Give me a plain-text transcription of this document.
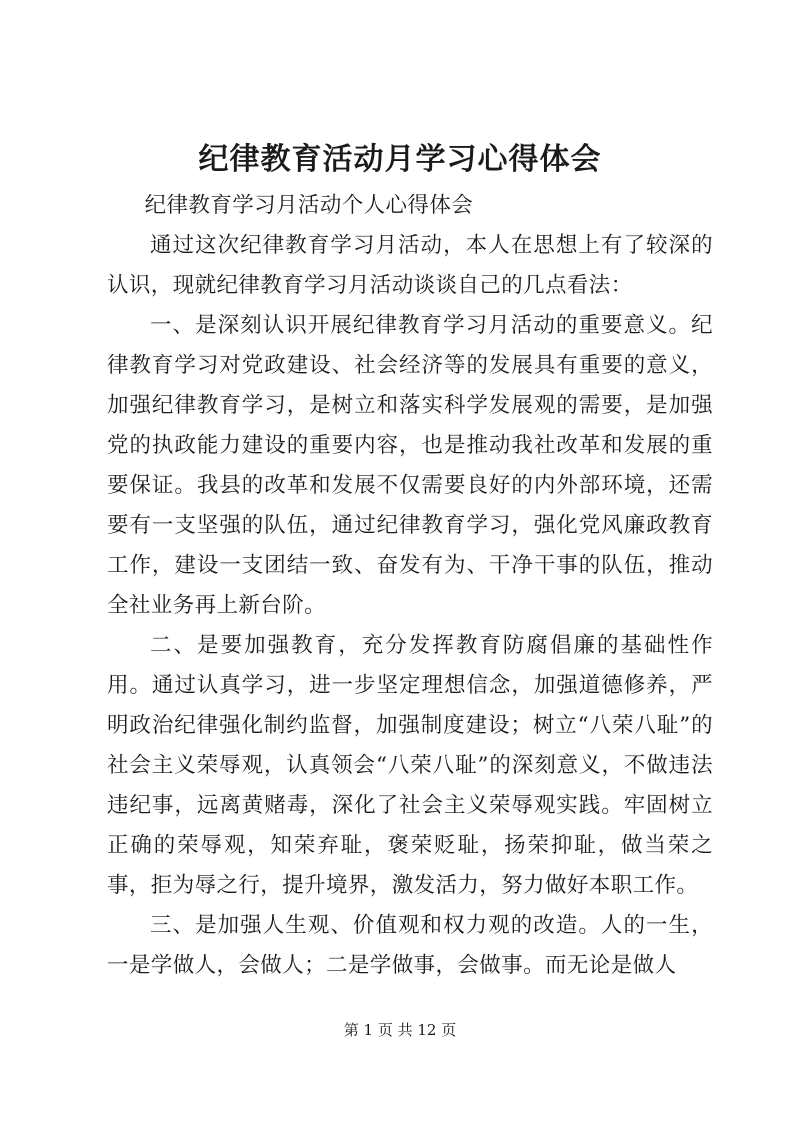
纪律教育活动月学习心得体会

纪律教育学习月活动个人心得体会

通过这次纪律教育学习月活动，本人在思想上有了较深的认识，现就纪律教育学习月活动谈谈自己的几点看法：

一、是深刻认识开展纪律教育学习月活动的重要意义。纪律教育学习对党政建设、社会经济等的发展具有重要的意义，加强纪律教育学习，是树立和落实科学发展观的需要，是加强党的执政能力建设的重要内容，也是推动我社改革和发展的重要保证。我县的改革和发展不仅需要良好的内外部环境，还需要有一支坚强的队伍，通过纪律教育学习，强化党风廉政教育工作，建设一支团结一致、奋发有为、干净干事的队伍，推动全社业务再上新台阶。

二、是要加强教育，充分发挥教育防腐倡廉的基础性作用。通过认真学习，进一步坚定理想信念，加强道德修养，严明政治纪律强化制约监督，加强制度建设；树立“八荣八耻”的社会主义荣辱观，认真领会“八荣八耻”的深刻意义，不做违法违纪事，远离黄赌毒，深化了社会主义荣辱观实践。牢固树立正确的荣辱观，知荣弃耻，褒荣贬耻，扬荣抑耻，做当荣之事，拒为辱之行，提升境界，激发活力，努力做好本职工作。

三、是加强人生观、价值观和权力观的改造。人的一生，一是学做人，会做人；二是学做事，会做事。而无论是做人

第 1 页 共 12 页
